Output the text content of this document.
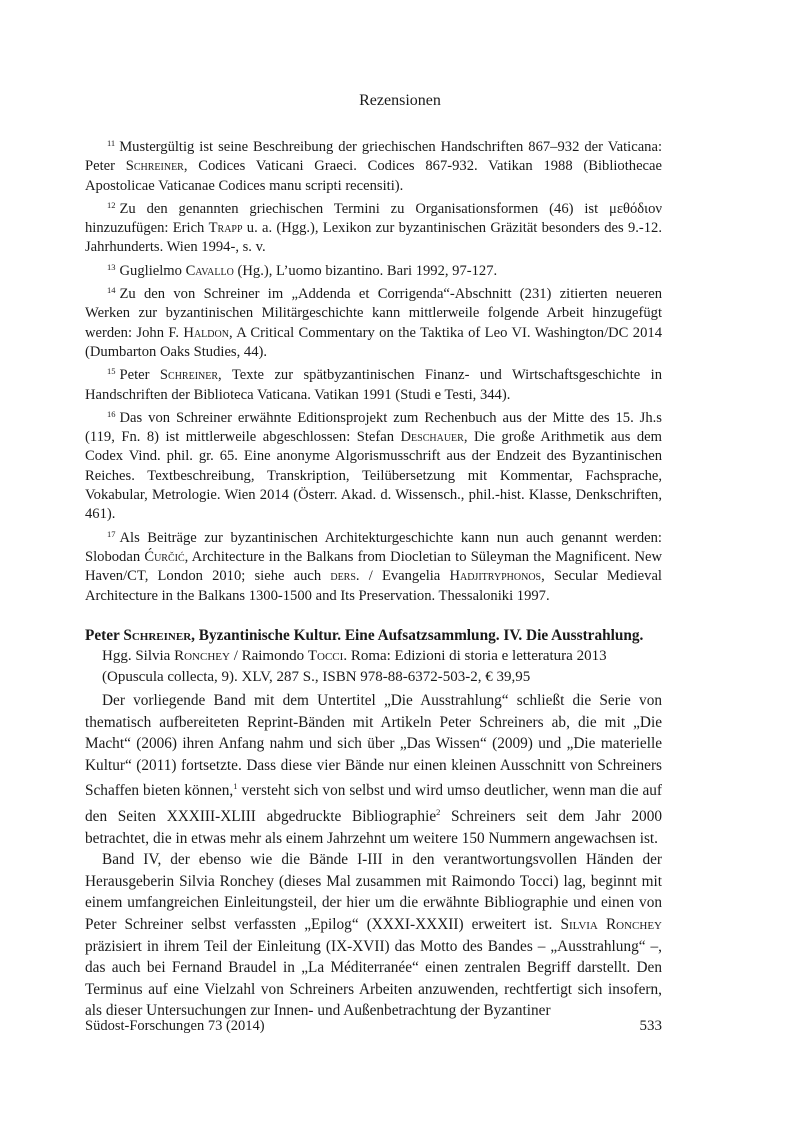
Rezensionen

$^{11}$ Mustergültig ist seine Beschreibung der griechischen Handschriften 867–932 der Vaticana: Peter Schreiner, Codices Vaticani Graeci. Codices 867-932. Vatikan 1988 (Bibliothecae Apostolicae Vaticanae Codices manu scripti recensiti).

$^{12}$ Zu den genannten griechischen Termini zu Organisationsformen (46) ist μεθόδιον hinzuzufügen: Erich Trapp u. a. (Hgg.), Lexikon zur byzantinischen Gräzität besonders des 9.-12. Jahrhunderts. Wien 1994-, s. v.

$^{13}$ Guglielmo Cavallo (Hg.), L’uomo bizantino. Bari 1992, 97-127.

$^{14}$ Zu den von Schreiner im „Addenda et Corrigenda“-Abschnitt (231) zitierten neueren Werken zur byzantinischen Militärgeschichte kann mittlerweile folgende Arbeit hinzugefügt werden: John F. Haldon, A Critical Commentary on the Taktika of Leo VI. Washington/DC 2014 (Dumbarton Oaks Studies, 44).

$^{15}$ Peter Schreiner, Texte zur spätbyzantinischen Finanz- und Wirtschaftsgeschichte in Handschriften der Biblioteca Vaticana. Vatikan 1991 (Studi e Testi, 344).

$^{16}$ Das von Schreiner erwähnte Editionsprojekt zum Rechenbuch aus der Mitte des 15. Jh.s (119, Fn. 8) ist mittlerweile abgeschlossen: Stefan Deschauer, Die große Arithmetik aus dem Codex Vind. phil. gr. 65. Eine anonyme Algorismusschrift aus der Endzeit des Byzantinischen Reiches. Textbeschreibung, Transkription, Teilübersetzung mit Kommentar, Fachsprache, Vokabular, Metrologie. Wien 2014 (Österr. Akad. d. Wissensch., phil.-hist. Klasse, Denkschriften, 461).

$^{17}$ Als Beiträge zur byzantinischen Architekturgeschichte kann nun auch genannt werden: Slobodan Ćurčić, Architecture in the Balkans from Diocletian to Süleyman the Magnificent. New Haven/CT, London 2010; siehe auch ders. / Evangelia Hadjitryphonos, Secular Medieval Architecture in the Balkans 1300-1500 and Its Preservation. Thessaloniki 1997.

Peter Schreiner, Byzantinische Kultur. Eine Aufsatzsammlung. IV. Die Ausstrahlung.
Hgg. Silvia Ronchey / Raimondo Tocci. Roma: Edizioni di storia e letteratura 2013 (Opuscula collecta, 9). XLV, 287 S., ISBN 978-88-6372-503-2, € 39,95

Der vorliegende Band mit dem Untertitel „Die Ausstrahlung“ schließt die Serie von thematisch aufbereiteten Reprint-Bänden mit Artikeln Peter Schreiners ab, die mit „Die Macht“ (2006) ihren Anfang nahm und sich über „Das Wissen“ (2009) und „Die materielle Kultur“ (2011) fortsetzte. Dass diese vier Bände nur einen kleinen Ausschnitt von Schreiners Schaffen bieten können,$^1$ versteht sich von selbst und wird umso deutlicher, wenn man die auf den Seiten XXXIII-XLIII abgedruckte Bibliographie$^2$ Schreiners seit dem Jahr 2000 betrachtet, die in etwas mehr als einem Jahrzehnt um weitere 150 Nummern angewachsen ist.

Band IV, der ebenso wie die Bände I-III in den verantwortungsvollen Händen der Herausgeberin Silvia Ronchey (dieses Mal zusammen mit Raimondo Tocci) lag, beginnt mit einem umfangreichen Einleitungsteil, der hier um die erwähnte Bibliographie und einen von Peter Schreiner selbst verfassten „Epilog“ (XXXI-XXXII) erweitert ist. Silvia Ronchey präzisiert in ihrem Teil der Einleitung (IX-XVII) das Motto des Bandes – „Ausstrahlung“ –, das auch bei Fernand Braudel in „La Méditerranée“ einen zentralen Begriff darstellt. Den Terminus auf eine Vielzahl von Schreiners Arbeiten anzuwenden, rechtfertigt sich insofern, als dieser Untersuchungen zur Innen- und Außenbetrachtung der Byzantiner

Südost-Forschungen 73 (2014)	533
